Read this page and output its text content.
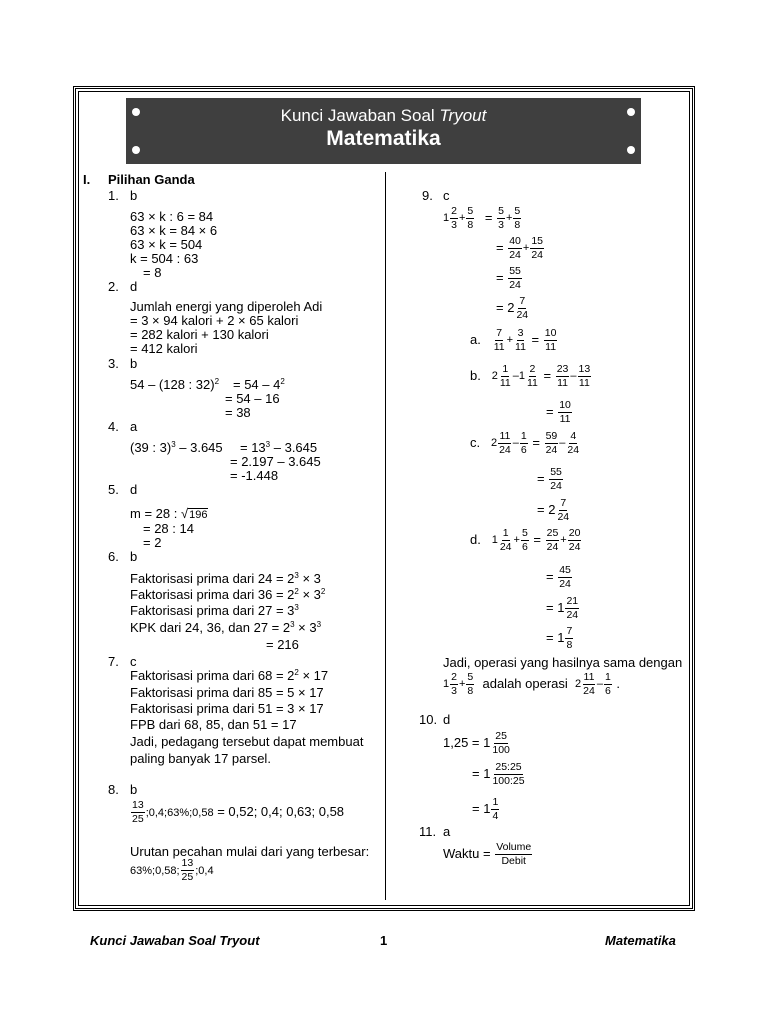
Kunci Jawaban Soal Tryout
Matematika
I. Pilihan Ganda
1. b
63 × k : 6 = 84
63 × k = 84 × 6
63 × k = 504
k = 504 : 63
= 8
2. d
Jumlah energi yang diperoleh Adi
= 3 × 94 kalori + 2 × 65 kalori
= 282 kalori + 130 kalori
= 412 kalori
3. b
54 – (128 : $32)^2 = 54 - 4^2$
= 54 – 16
= 38
4. a
(39 : $3)^3 - 3.645 = 13^3 - 3.645$
= 2.197 – 3.645
= -1.448
5. d
m = 28 : √196
= 28 : 14
= 2
6. b
Faktorisasi prima dari $24 = 2^3 \times 3$
Faktorisasi prima dari $36 = 2^2 \times 3^2$
Faktorisasi prima dari $27 = 3^3$
KPK dari 24, 36, dan $27 = 2^3 \times 3^3$
= 216
7. c
Faktorisasi prima dari $68 = 2^2 \times 17$
Faktorisasi prima dari 85 = 5 × 17
Faktorisasi prima dari 51 = 3 × 17
FPB dari 68, 85, dan 51 = 17
Jadi, pedagang tersebut dapat membuat
paling banyak 17 parsel.
8. b
$\frac{13}{25}$ ;0,4;63%;0,58 = 0,52; 0,4; 0,63; 0,58
Urutan pecahan mulai dari yang terbesar:
63%;0,58; $\frac{13}{25}$ ;0,4
9. c
$1 \frac{2}{3} + \frac{5}{8} = \frac{5}{3} + \frac{5}{8}$
= $\frac{40}{24} + \frac{15}{24}$
= $\frac{55}{24}$
= $2 \frac{7}{24}$
a. $\frac{7}{11} + \frac{3}{11} = \frac{10}{11}$
b. $2 \frac{1}{11} -1 \frac{2}{11} = \frac{23}{11} - \frac{13}{11}$
= $\frac{10}{11}$
c. $2 \frac{11}{24} - \frac{1}{6} = \frac{59}{24} - \frac{4}{24}$
= $\frac{55}{24}$
= $2 \frac{7}{24}$
d. $1 \frac{1}{24} + \frac{5}{6} = \frac{25}{24} + \frac{20}{24}$
= $\frac{45}{24}$
= $1 \frac{21}{24}$
= $1 \frac{7}{8}$
Jadi, operasi yang hasilnya sama dengan
$1 \frac{2}{3} + \frac{5}{8}$ adalah operasi $2 \frac{11}{24} - \frac{1}{6}$ .
10. d
$1,25 = 1 \frac{25}{100}$
= $1 \frac{25:25}{100:25}$
= $1 \frac{1}{4}$
11. a
Waktu = $\frac{\text{Volume}}{\text{Debit}}$
Kunci Jawaban Soal Tryout	1	Matematika
